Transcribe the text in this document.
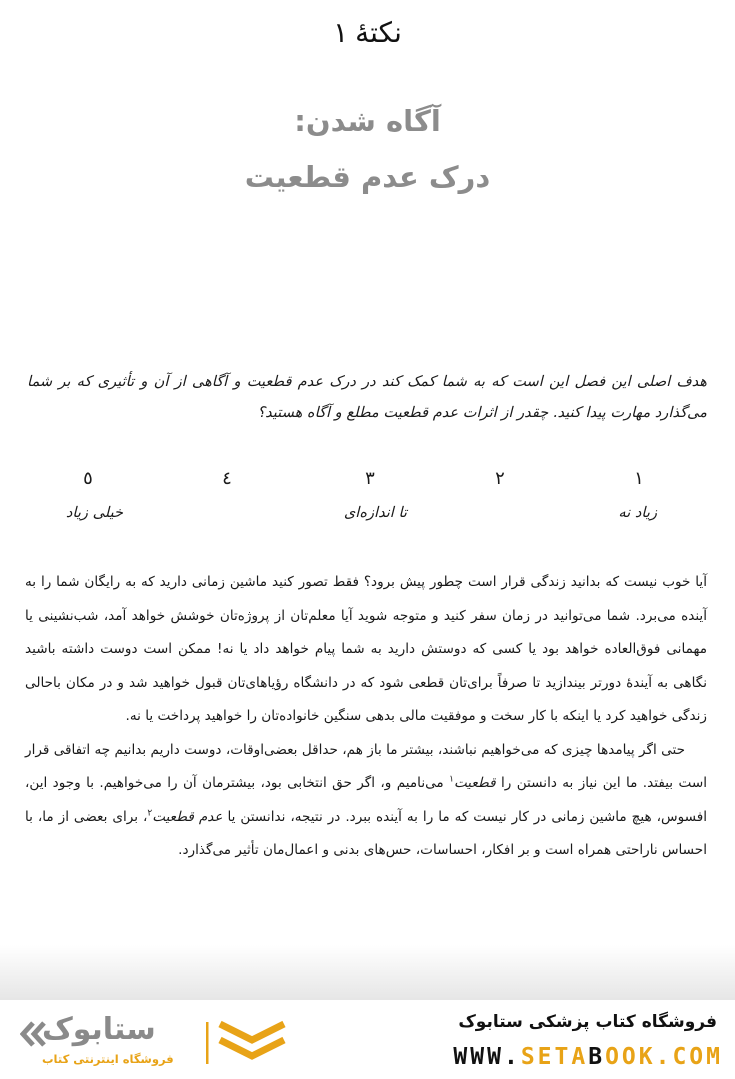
نکتهٔ ۱
آگاه شدن:
درک عدم قطعیت

هدف اصلی این فصل این است که به شما کمک کند در درک عدم قطعیت و آگاهی از آن و تأثیری که بر شما می‌گذارد مهارت پیدا کنید. چقدر از اثرات عدم قطعیت مطلع و آگاه هستید؟

۱
۲
۳
٤
٥
زیاد نه
تا اندازه‌ای
خیلی زیاد

آیا خوب نیست که بدانید زندگی قرار است چطور پیش برود؟ فقط تصور کنید ماشین زمانی دارید که به رایگان شما را به آینده می‌برد. شما می‌توانید در زمان سفر کنید و متوجه شوید آیا معلم‌تان از پروژه‌تان خوشش خواهد آمد، شب‌نشینی یا مهمانی فوق‌العاده خواهد بود یا کسی که دوستش دارید به شما پیام خواهد داد یا نه! ممکن است دوست داشته باشید نگاهی به آیندهٔ دورتر بیندازید تا صرفاً برای‌تان قطعی شود که در دانشگاه رؤیاهای‌تان قبول خواهید شد و در مکان باحالی زندگی خواهید کرد یا اینکه با کار سخت و موفقیت مالی بدهی سنگین خانواده‌تان را خواهید پرداخت یا نه.

حتی اگر پیامدها چیزی که می‌خواهیم نباشند، بیشتر ما باز هم، حداقل بعضی‌اوقات، دوست داریم بدانیم چه اتفاقی قرار است بیفتد. ما این نیاز به دانستن را قطعیت$^۱$ می‌نامیم و، اگر حق انتخابی بود، بیشترمان آن را می‌خواهیم. با وجود این، افسوس، هیچ ماشین زمانی در کار نیست که ما را به آینده ببرد. در نتیجه، ندانستن یا عدم قطعیت$^۲$، برای بعضی از ما، با احساس ناراحتی همراه است و بر افکار، احساسات، حس‌های بدنی و اعمال‌مان تأثیر می‌گذارد.

فروشگاه کتاب پزشکی ستابوک
WWW.SETABOOK.COM
ستابوک
فروشگاه اینترنتی کتاب
